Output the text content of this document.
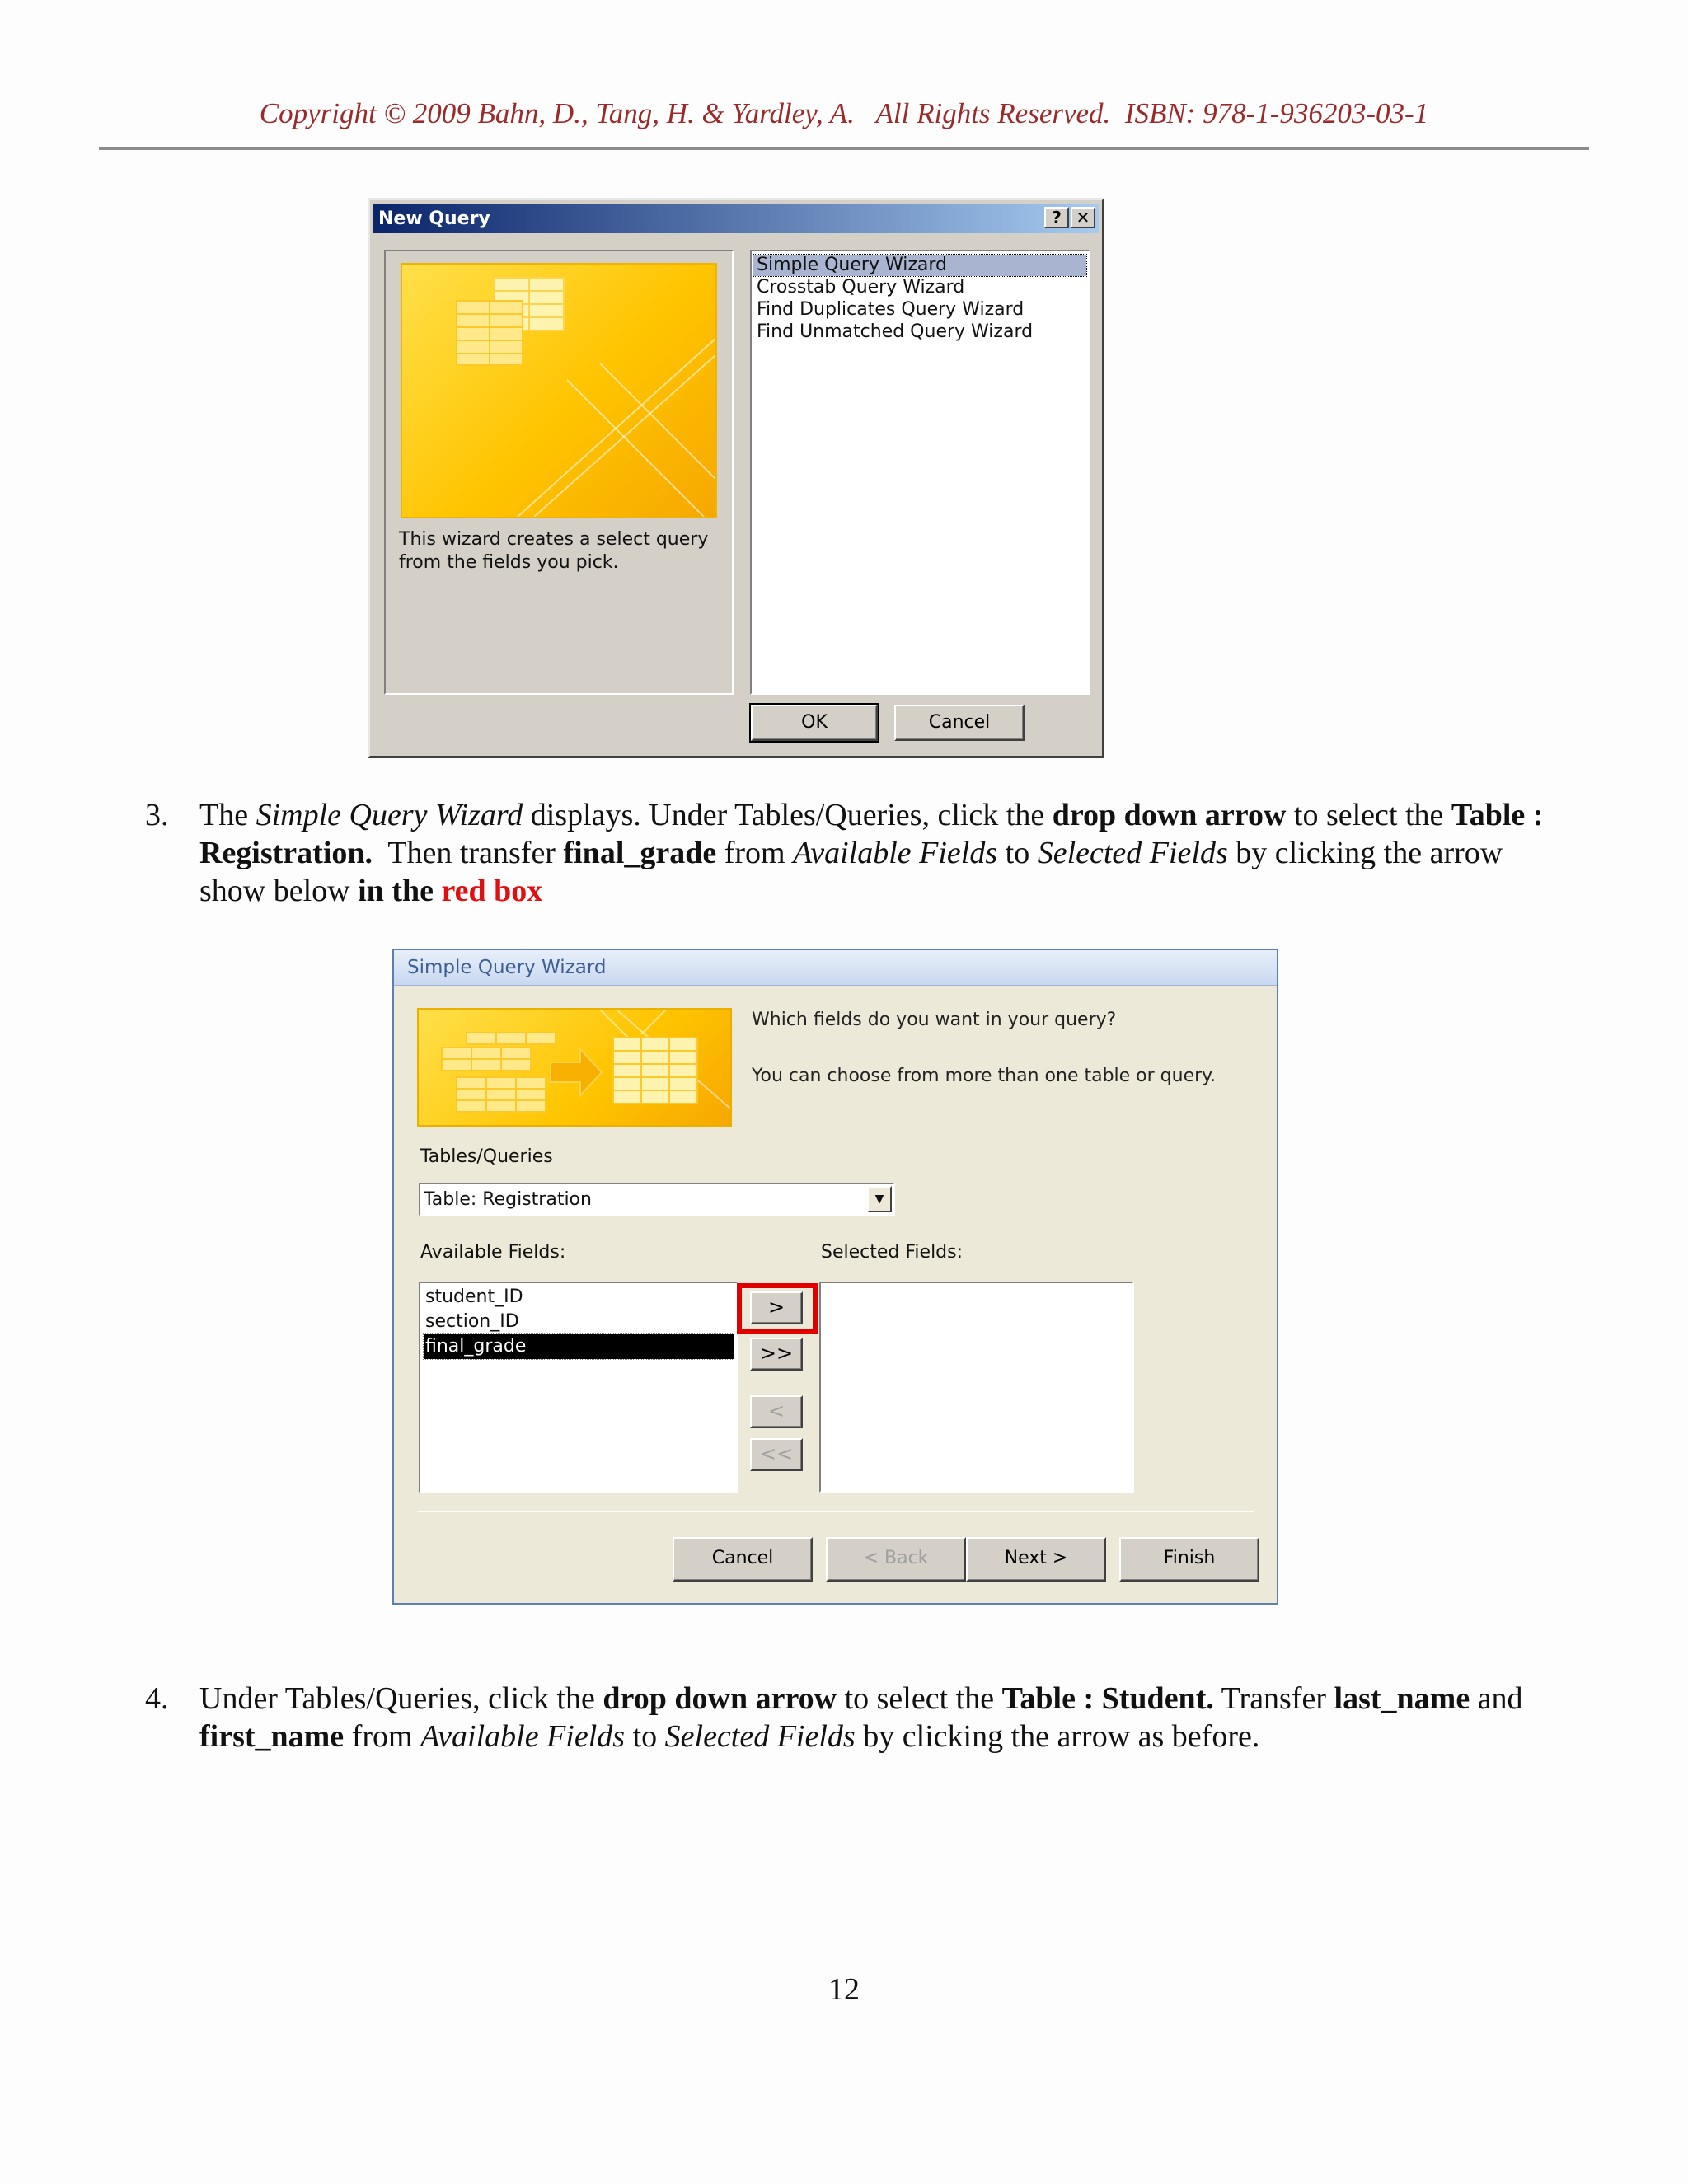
Copyright © 2009 Bahn, D., Tang, H. & Yardley, A.   All Rights Reserved.  ISBN: 978-1-936203-03-1
New Query	? ✕
This wizard creates a select query from the fields you pick.
Simple Query Wizard
Crosstab Query Wizard
Find Duplicates Query Wizard
Find Unmatched Query Wizard
OK	Cancel
3. The Simple Query Wizard displays. Under Tables/Queries, click the drop down arrow to select the Table : Registration.  Then transfer final_grade from Available Fields to Selected Fields by clicking the arrow show below in the red box
Simple Query Wizard
Which fields do you want in your query?
You can choose from more than one table or query.
Tables/Queries
Table: Registration	▼
Available Fields:	Selected Fields:
student_ID
section_ID
final_grade
>
>>
<
<<
Cancel	< Back	Next >	Finish
4. Under Tables/Queries, click the drop down arrow to select the Table : Student. Transfer last_name and first_name from Available Fields to Selected Fields by clicking the arrow as before.
12
